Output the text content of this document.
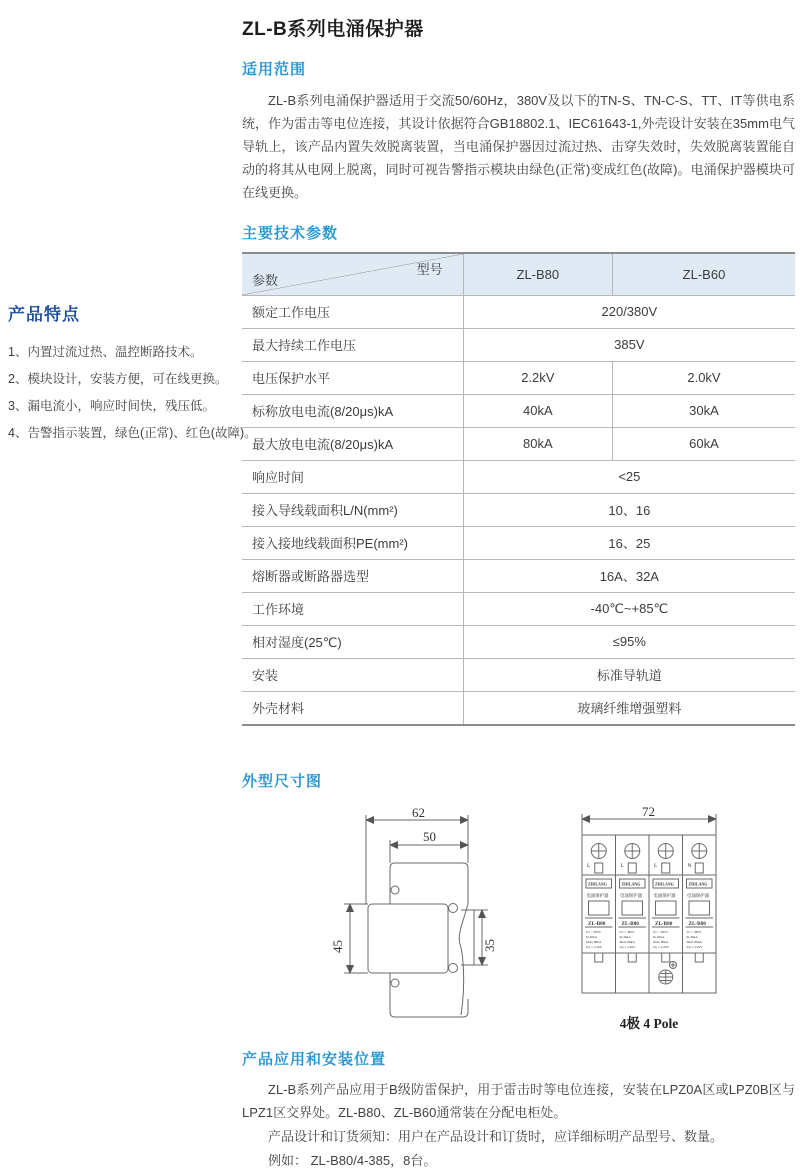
产品特点
1、内置过流过热、温控断路技术。
2、模块设计，安装方便，可在线更换。
3、漏电流小，响应时间快，残压低。
4、告警指示装置，绿色(正常)、红色(故障)。
ZL-B系列电涌保护器
适用范围

ZL-B系列电涌保护器适用于交流50/60Hz，380V及以下的TN-S、TN-C-S、TT、IT等供电系统，作为雷击等电位连接，其设计依据符合GB18802.1、IEC61643-1,外壳设计安装在35mm电气导轨上，该产品内置失效脱离装置，当电涌保护器因过流过热、击穿失效时，失效脱离装置能自动的将其从电网上脱离，同时可视告警指示模块由绿色(正常)变成红色(故障)。电涌保护器模块可在线更换。

主要技术参数
型号
参数	ZL-B80	ZL-B60
额定工作电压	220/380V	
最大持续工作电压	385V	
电压保护水平	2.2kV	2.0kV
标称放电电流(8/20μs)kA	40kA	30kA
最大放电电流(8/20μs)kA	80kA	60kA
响应时间	<25	
接入导线载面积L/N(mm²)	10、16	
接入接地线载面积PE(mm²)	16、25	
熔断器或断路器选型	16A、32A	
工作环境	-40℃~+85℃	
相对湿度(25℃)	≤95%	
安装	标准导轨道	
外壳材料	玻璃纤维增强塑料	
外型尺寸图
62
50
45	35
72
L
ZHILANG
电涌保护器
ZL-B80
Uc ~ 385V
In 40kA
Imax 80kA
Up ≤ 2.2kV
L
ZHILANG
电涌保护器
ZL-B80
Uc ~ 385V
In 40kA
Imax 80kA
Up ≤ 2.2kV
L
ZHILANG
电涌保护器
ZL-B80
Uc ~ 385V
In 40kA
Imax 80kA
Up ≤ 2.2kV
N
ZHILANG
电涌保护器
ZL-B80
Uc ~ 385V
In 40kA
Imax 80kA
Up ≤ 2.2kV
4极 4 Pole
产品应用和安装位置

ZL-B系列产品应用于B级防雷保护，用于雷击时等电位连接，安装在LPZ0A区或LPZ0B区与LPZ1区交界处。ZL-B80、ZL-B60通常装在分配电柜处。

产品设计和订货须知：用户在产品设计和订货时，应详细标明产品型号、数量。

例如： ZL-B80/4-385，8台。
